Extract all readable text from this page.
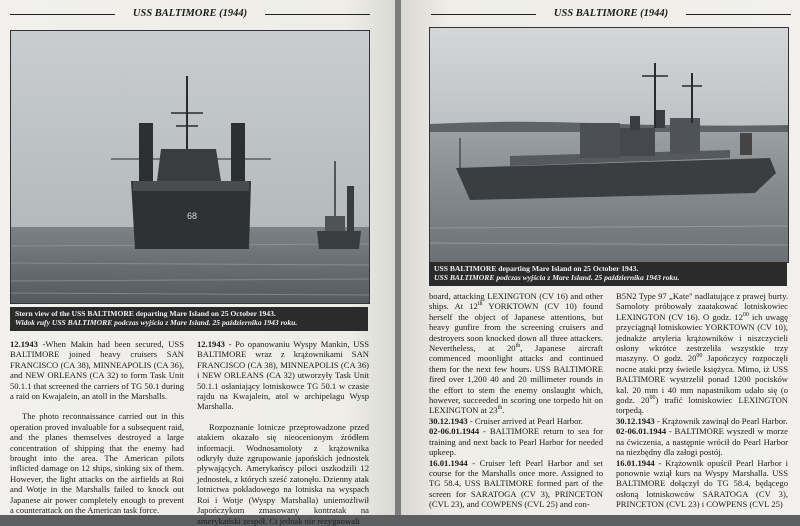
USS BALTIMORE (1944)
68
Stern view of the USS BALTIMORE departing Mare Island on 25 October 1943.
Widok rufy USS BALTIMORE podczas wyjścia z Mare Island. 25 października 1943 roku.

12.1943 -When Makin had been secured, USS BALTIMORE joined heavy cruisers SAN FRANCISCO (CA 38), MINNEAPOLIS (CA 36), and NEW ORLEANS (CA 32) to form Task Unit 50.1.1 that screened the carriers of TG 50.1 during a raid on Kwajalein, an atoll in the Marshalls.

The photo reconnaissance carried out in this operation proved invaluable for a subsequent raid, and the planes themselves destroyed a large concentration of shipping that the enemy had brought into the area. The American pilots inflicted damage on 12 ships, sinking six of them. However, the light attacks on the airfields at Roi and Wotje in the Marshalls failed to knock out Japanese air power completely enough to prevent a counterattack on the American task force.

12.1943 - Po opanowaniu Wyspy Mankin, USS BALTIMORE wraz z krążownikami SAN FRANCISCO (CA 38), MINNEAPOLIS (CA 36) i NEW ORLEANS (CA 32) utworzyły Task Unit 50.1.1 osłaniający lotniskowce TG 50.1 w czasie rajdu na Kwajalein, atol w archipelagu Wysp Marshalla.

Rozpoznanie lotnicze przeprowadzone przed atakiem okazało się nieocenionym źródłem informacji. Wodnosamoloty z krążownika odkryły duże zgrupowanie japońskich jednostek pływających. Amerykańscy piloci uszkodzili 12 jednostek, z których sześć zatonęło. Dzienny atak lotnictwa pokładowego na lotniska na wyspach Roi i Wotje (Wyspy Marshalla) uniemożliwił Japończykom zmasowany kontratak na amerykański zespół. Ci jednak nie rezygnowali

USS BALTIMORE (1944)
USS BALTIMORE departing Mare Island on 25 October 1943.
USS BALTIMORE podczas wyjścia z Mare Island. 25 października 1943 roku.

board, attacking LEXINGTON (CV 16) and other ships. At 12th YORKTOWN (CV 10) found herself the object of Japanese attentions, but heavy gunfire from the screening cruisers and destroyers soon knocked down all three attackers. Nevertheless, at 20th, Japanese aircraft commenced moonlight attacks and continued them for the next few hours. USS BALTIMORE fired over 1,200 40 and 20 millimeter rounds in the effort to stem the enemy onslaught which, however, succeeded in scoring one torpedo hit on LEXINGTON at 23th.

30.12.1943 - Cruiser arrived at Pearl Harbor.

02-06.01.1944 - BALTIMORE return to sea for training and next back to Pearl Harbor for needed upkeep.

16.01.1944 - Cruiser left Pearl Harbor and set course for the Marshalls once more. Assigned to TG 58.4, USS BALTIMORE formed part of the screen for SARATOGA (CV 3), PRINCETON (CVL 23), and COWPENS (CVL 25) and con-

B5N2 Type 97 „Kate" nadlatujące z prawej burty. Samoloty próbowały zaatakować lotniskowiec LEXINGTON (CV 16). O godz. $12^{00}$ ich uwagę przyciągnął lotniskowiec YORKTOWN (CV 10), jednakże artyleria krążowników i niszczycieli osłony wkrótce zestrzeliła wszystkie trzy maszyny. O godz. $20^{00}$ Japończycy rozpoczęli nocne ataki przy świetle księżyca. Mimo, iż USS BALTIMORE wystrzelił ponad 1200 pocisków kal. 20 mm i 40 mm napastnikom udało się (o godz. $20^{00}$) trafić lotniskowiec LEXINGTON torpedą.

30.12.1943 - Krążownik zawinął do Pearl Harbor.

02-06.01.1944 - BALTIMORE wyszedł w morze na ćwiczenia, a następnie wrócił do Pearl Harbor na niezbędny dla załogi postój.

16.01.1944 - Krążownik opuścił Pearl Harbor i ponownie wziął kurs na Wyspy Marshalla. USS BALTIMORE dołączył do TG 58.4, będącego osłoną lotniskowców SARATOGA (CV 3), PRINCETON (CVL 23) i COWPENS (CVL 25)
